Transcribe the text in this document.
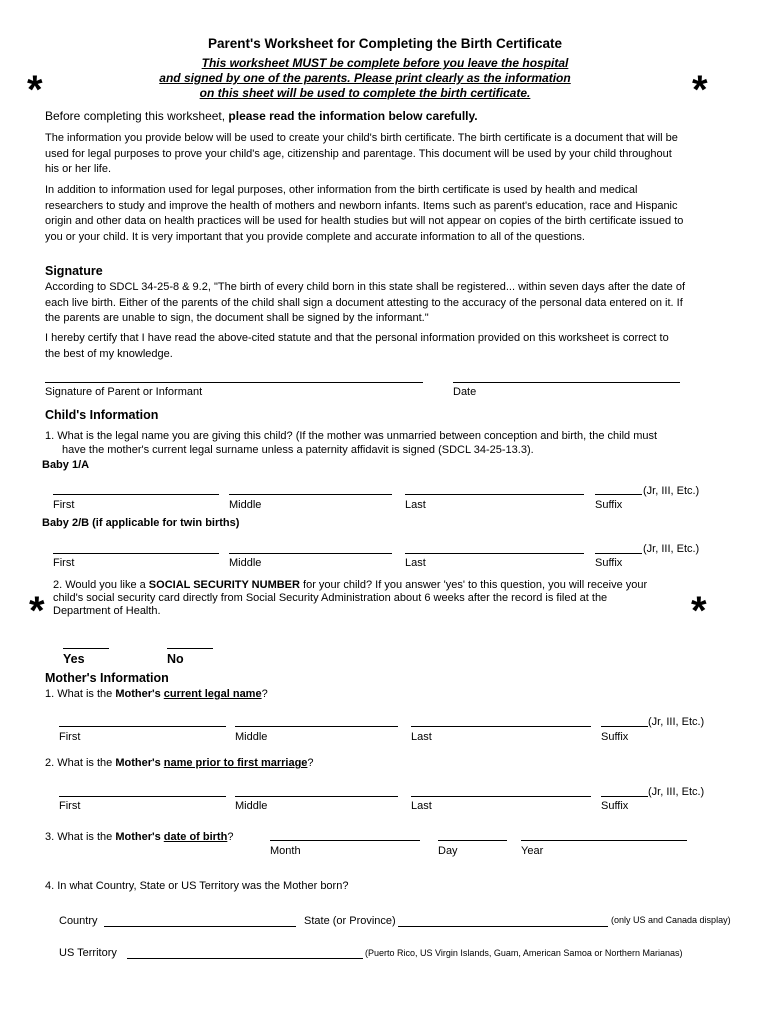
Parent's Worksheet for Completing the Birth Certificate
This worksheet MUST be complete before you leave the hospital
and signed by one of the parents. Please print clearly as the information
on this sheet will be used to complete the birth certificate.
*	*
Before completing this worksheet, please read the information below carefully.
The information you provide below will be used to create your child's birth certificate. The birth certificate is a document that will be used for legal purposes to prove your child's age, citizenship and parentage. This document will be used by your child throughout his or her life.
In addition to information used for legal purposes, other information from the birth certificate is used by health and medical researchers to study and improve the health of mothers and newborn infants. Items such as parent's education, race and Hispanic origin and other data on health practices will be used for health studies but will not appear on copies of the birth certificate issued to you or your child. It is very important that you provide complete and accurate information to all of the questions.
Signature
According to SDCL 34-25-8 & 9.2, "The birth of every child born in this state shall be registered... within seven days after the date of each live birth. Either of the parents of the child shall sign a document attesting to the accuracy of the personal data entered on it. If the parents are unable to sign, the document shall be signed by the informant."
I hereby certify that I have read the above-cited statute and that the personal information provided on this worksheet is correct to the best of my knowledge.
Signature of Parent or Informant	Date
Child's Information
1. What is the legal name you are giving this child? (If the mother was unmarried between conception and birth, the child must
have the mother's current legal surname unless a paternity affidavit is signed (SDCL 34-25-13.3).
Baby 1/A
(Jr, III, Etc.)
First	Middle	Last	Suffix
Baby 2/B (if applicable for twin births)
(Jr, III, Etc.)
First	Middle	Last	Suffix
2. Would you like a SOCIAL SECURITY NUMBER for your child? If you answer 'yes' to this question, you will receive your
child's social security card directly from Social Security Administration about 6 weeks after the record is filed at the
Department of Health.
*	*
Yes	No
Mother's Information
1. What is the Mother's current legal name?
(Jr, III, Etc.)
First	Middle	Last	Suffix
2. What is the Mother's name prior to first marriage?
(Jr, III, Etc.)
First	Middle	Last	Suffix
3. What is the Mother's date of birth?
Month	Day	Year
4. In what Country, State or US Territory was the Mother born?
Country	State (or Province)	(only US and Canada display)
US Territory	(Puerto Rico, US Virgin Islands, Guam, American Samoa or Northern Marianas)
